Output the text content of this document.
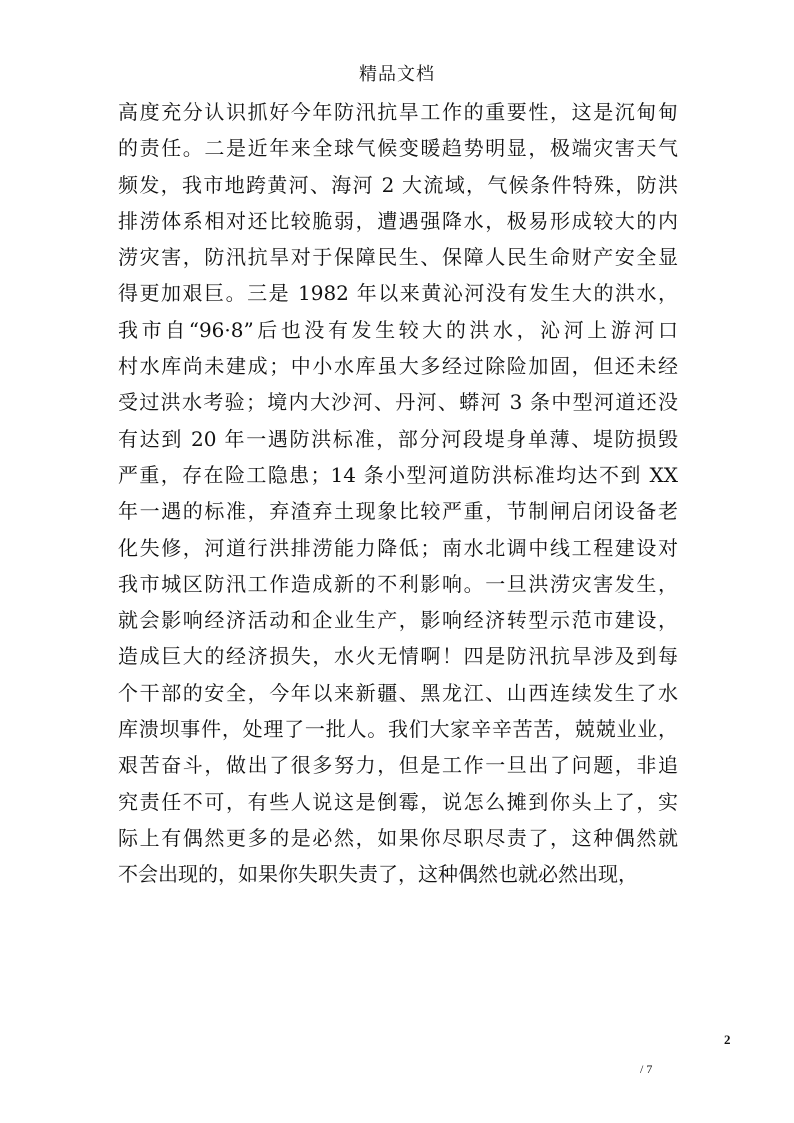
精品文档
高度充分认识抓好今年防汛抗旱工作的重要性，这是沉甸甸
的责任。二是近年来全球气候变暖趋势明显，极端灾害天气
频发，我市地跨黄河、海河 2 大流域，气候条件特殊，防洪
排涝体系相对还比较脆弱，遭遇强降水，极易形成较大的内
涝灾害，防汛抗旱对于保障民生、保障人民生命财产安全显
得更加艰巨。三是 1982 年以来黄沁河没有发生大的洪水，
我市自“96·8”后也没有发生较大的洪水，沁河上游河口
村水库尚未建成；中小水库虽大多经过除险加固，但还未经
受过洪水考验；境内大沙河、丹河、蟒河 3 条中型河道还没
有达到 20 年一遇防洪标准，部分河段堤身单薄、堤防损毁
严重，存在险工隐患；14 条小型河道防洪标准均达不到 XX
年一遇的标准，弃渣弃土现象比较严重，节制闸启闭设备老
化失修，河道行洪排涝能力降低；南水北调中线工程建设对
我市城区防汛工作造成新的不利影响。一旦洪涝灾害发生，
就会影响经济活动和企业生产，影响经济转型示范市建设，
造成巨大的经济损失，水火无情啊！四是防汛抗旱涉及到每
个干部的安全，今年以来新疆、黑龙江、山西连续发生了水
库溃坝事件，处理了一批人。我们大家辛辛苦苦，兢兢业业，
艰苦奋斗，做出了很多努力，但是工作一旦出了问题，非追
究责任不可，有些人说这是倒霉，说怎么摊到你头上了，实
际上有偶然更多的是必然，如果你尽职尽责了，这种偶然就
不会出现的，如果你失职失责了，这种偶然也就必然出现，
2
/ 7
